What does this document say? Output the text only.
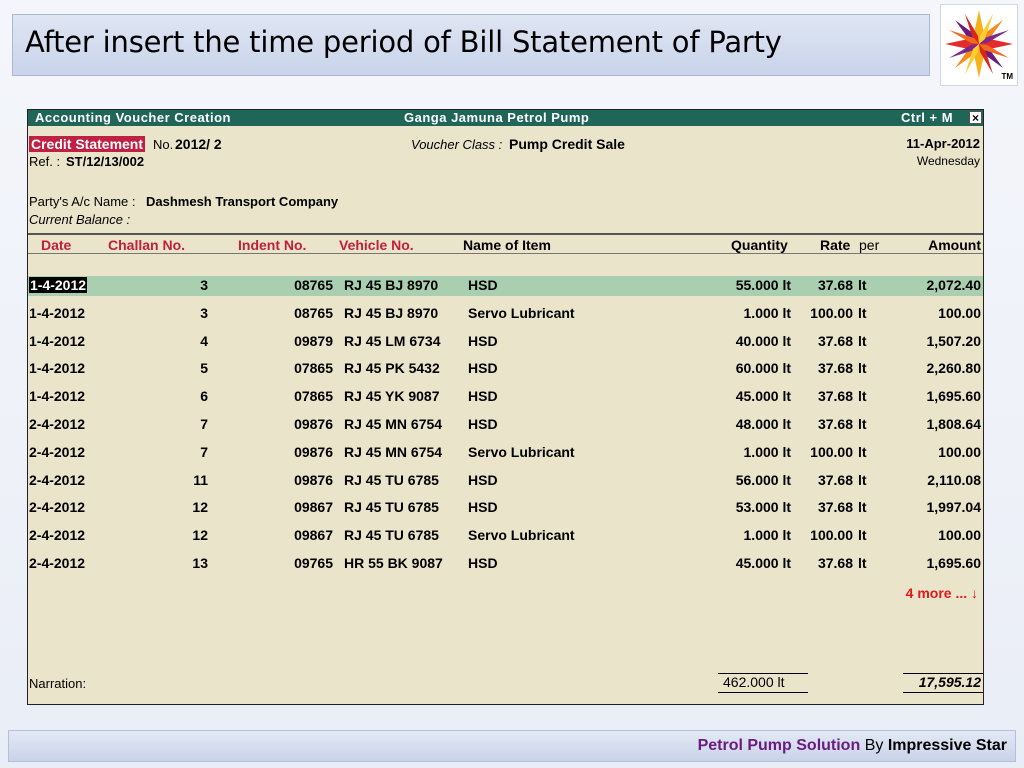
After insert the time period of Bill Statement of Party
TM
Accounting Voucher Creation	Ganga Jamuna Petrol Pump	Ctrl + M ×
Credit Statement No. 2012/ 2	Voucher Class : Pump Credit Sale	11-Apr-2012
Wednesday
Ref. : ST/12/13/002
Party's A/c Name : Dashmesh Transport Company
Current Balance :
Date	Challan No.	Indent No. Vehicle No.	Name of Item	Quantity Rate per	Amount
1-4-2012	3	08765 RJ 45 BJ 8970 HSD	55.000 lt 37.68 lt	2,072.40
1-4-2012	3	08765 RJ 45 BJ 8970 Servo Lubricant	1.000 lt 100.00 lt	100.00
1-4-2012	4	09879 RJ 45 LM 6734 HSD	40.000 lt 37.68 lt	1,507.20
1-4-2012	5	07865 RJ 45 PK 5432 HSD	60.000 lt 37.68 lt	2,260.80
1-4-2012	6	07865 RJ 45 YK 9087 HSD	45.000 lt 37.68 lt	1,695.60
2-4-2012	7	09876 RJ 45 MN 6754 HSD	48.000 lt 37.68 lt	1,808.64
2-4-2012	7	09876 RJ 45 MN 6754 Servo Lubricant	1.000 lt 100.00 lt	100.00
2-4-2012	11	09876 RJ 45 TU 6785 HSD	56.000 lt 37.68 lt	2,110.08
2-4-2012	12	09867 RJ 45 TU 6785 HSD	53.000 lt 37.68 lt	1,997.04
2-4-2012	12	09867 RJ 45 TU 6785 Servo Lubricant	1.000 lt 100.00 lt	100.00
2-4-2012	13	09765 HR 55 BK 9087 HSD	45.000 lt 37.68 lt	1,695.60
4 more ... ↓
Narration:	462.000 lt	17,595.12
Petrol Pump Solution By Impressive Star
